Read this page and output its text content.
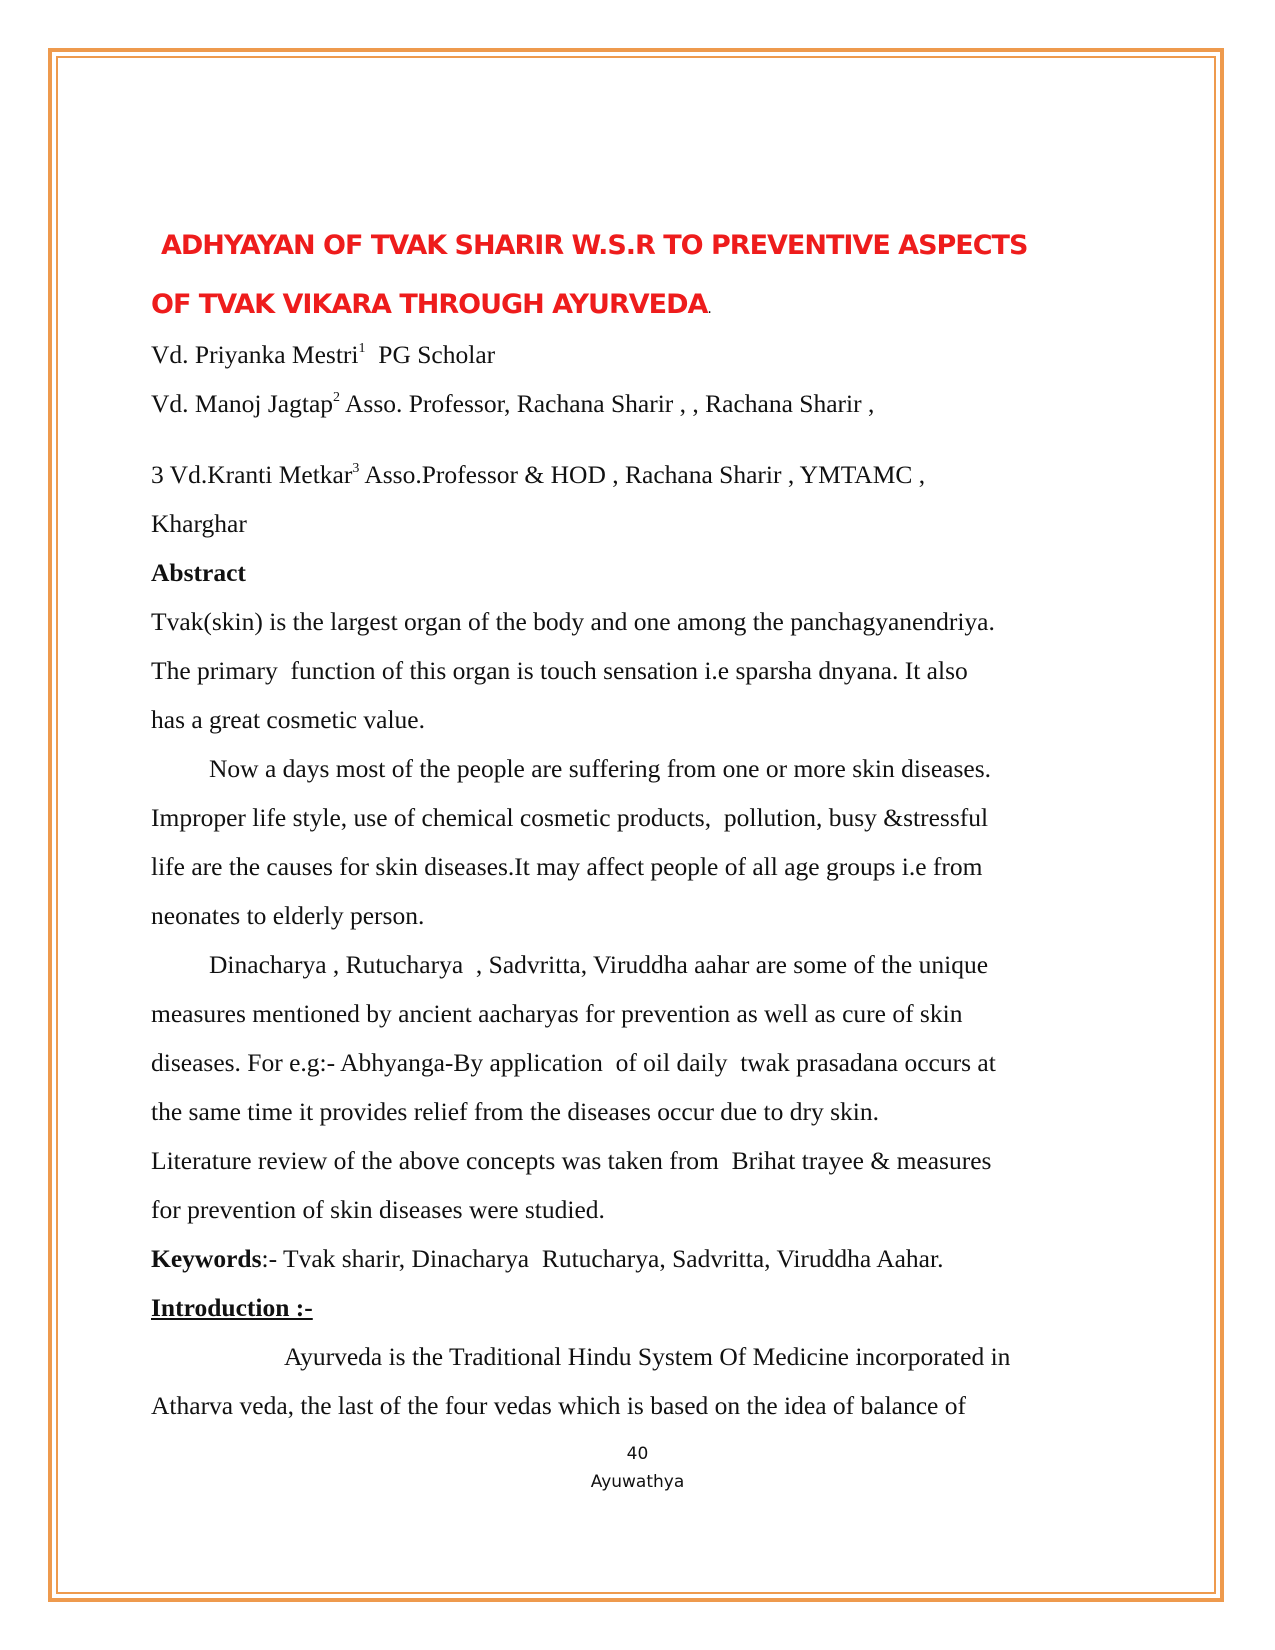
ADHYAYAN OF TVAK SHARIR W.S.R TO PREVENTIVE ASPECTS
OF TVAK VIKARA THROUGH AYURVEDA.

Vd. Priyanka Mestri$^1$  PG Scholar

Vd. Manoj Jagtap$^2$ Asso. Professor, Rachana Sharir , , Rachana Sharir ,

3 Vd.Kranti Metkar$^3$ Asso.Professor & HOD , Rachana Sharir , YMTAMC ,

Kharghar

Abstract

Tvak(skin) is the largest organ of the body and one among the panchagyanendriya.

The primary  function of this organ is touch sensation i.e sparsha dnyana. It also

has a great cosmetic value.

Now a days most of the people are suffering from one or more skin diseases.

Improper life style, use of chemical cosmetic products,  pollution, busy &stressful

life are the causes for skin diseases.It may affect people of all age groups i.e from

neonates to elderly person.

Dinacharya , Rutucharya  , Sadvritta, Viruddha aahar are some of the unique

measures mentioned by ancient aacharyas for prevention as well as cure of skin

diseases. For e.g:- Abhyanga-By application  of oil daily  twak prasadana occurs at

the same time it provides relief from the diseases occur due to dry skin.

Literature review of the above concepts was taken from  Brihat trayee & measures

for prevention of skin diseases were studied.

Keywords:- Tvak sharir, Dinacharya  Rutucharya, Sadvritta, Viruddha Aahar.

Introduction :-

Ayurveda is the Traditional Hindu System Of Medicine incorporated in

Atharva veda, the last of the four vedas which is based on the idea of balance of

40
Ayuwathya
